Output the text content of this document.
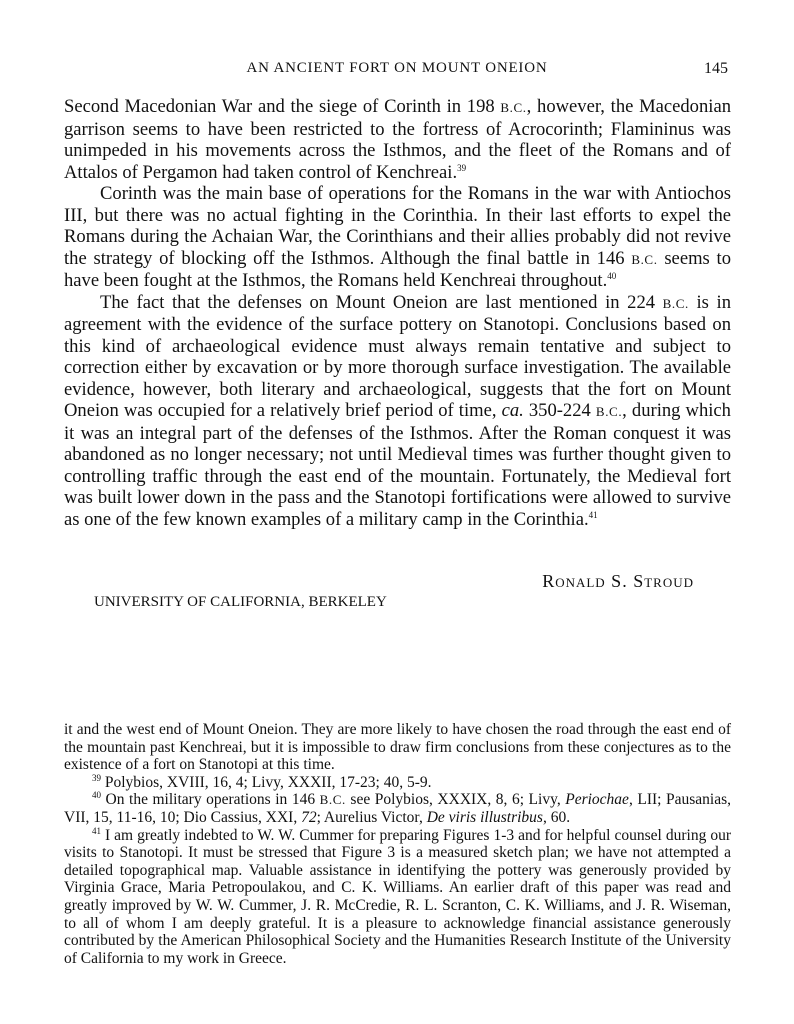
AN ANCIENT FORT ON MOUNT ONEION	145

Second Macedonian War and the siege of Corinth in 198 B.C., however, the Macedonian garrison seems to have been restricted to the fortress of Acrocorinth; Flamininus was unimpeded in his movements across the Isthmos, and the fleet of the Romans and of Attalos of Pergamon had taken control of Kenchreai.$^{39}$

Corinth was the main base of operations for the Romans in the war with Antiochos III, but there was no actual fighting in the Corinthia. In their last efforts to expel the Romans during the Achaian War, the Corinthians and their allies probably did not revive the strategy of blocking off the Isthmos. Although the final battle in 146 B.C. seems to have been fought at the Isthmos, the Romans held Kenchreai throughout.$^{40}$

The fact that the defenses on Mount Oneion are last mentioned in 224 B.C. is in agreement with the evidence of the surface pottery on Stanotopi. Conclusions based on this kind of archaeological evidence must always remain tentative and subject to correction either by excavation or by more thorough surface investigation. The available evidence, however, both literary and archaeological, suggests that the fort on Mount Oneion was occupied for a relatively brief period of time, ca. 350-224 B.C., during which it was an integral part of the defenses of the Isthmos. After the Roman conquest it was abandoned as no longer necessary; not until Medieval times was further thought given to controlling traffic through the east end of the mountain. Fortunately, the Medieval fort was built lower down in the pass and the Stanotopi fortifications were allowed to survive as one of the few known examples of a military camp in the Corinthia.$^{41}$

Ronald S. Stroud
UNIVERSITY OF CALIFORNIA, BERKELEY

it and the west end of Mount Oneion. They are more likely to have chosen the road through the east end of the mountain past Kenchreai, but it is impossible to draw firm conclusions from these conjectures as to the existence of a fort on Stanotopi at this time.

$^{39}$ Polybios, XVIII, 16, 4; Livy, XXXII, 17-23; 40, 5-9.

$^{40}$ On the military operations in 146 B.C. see Polybios, XXXIX, 8, 6; Livy, Periochae, LII; Pausanias, VII, 15, 11-16, 10; Dio Cassius, XXI, 72; Aurelius Victor, De viris illustribus, 60.

$^{41}$ I am greatly indebted to W. W. Cummer for preparing Figures 1-3 and for helpful counsel during our visits to Stanotopi. It must be stressed that Figure 3 is a measured sketch plan; we have not attempted a detailed topographical map. Valuable assistance in identifying the pottery was generously provided by Virginia Grace, Maria Petropoulakou, and C. K. Williams. An earlier draft of this paper was read and greatly improved by W. W. Cummer, J. R. McCredie, R. L. Scranton, C. K. Williams, and J. R. Wiseman, to all of whom I am deeply grateful. It is a pleasure to acknowledge financial assistance generously contributed by the American Philosophical Society and the Humanities Research Institute of the University of California to my work in Greece.
